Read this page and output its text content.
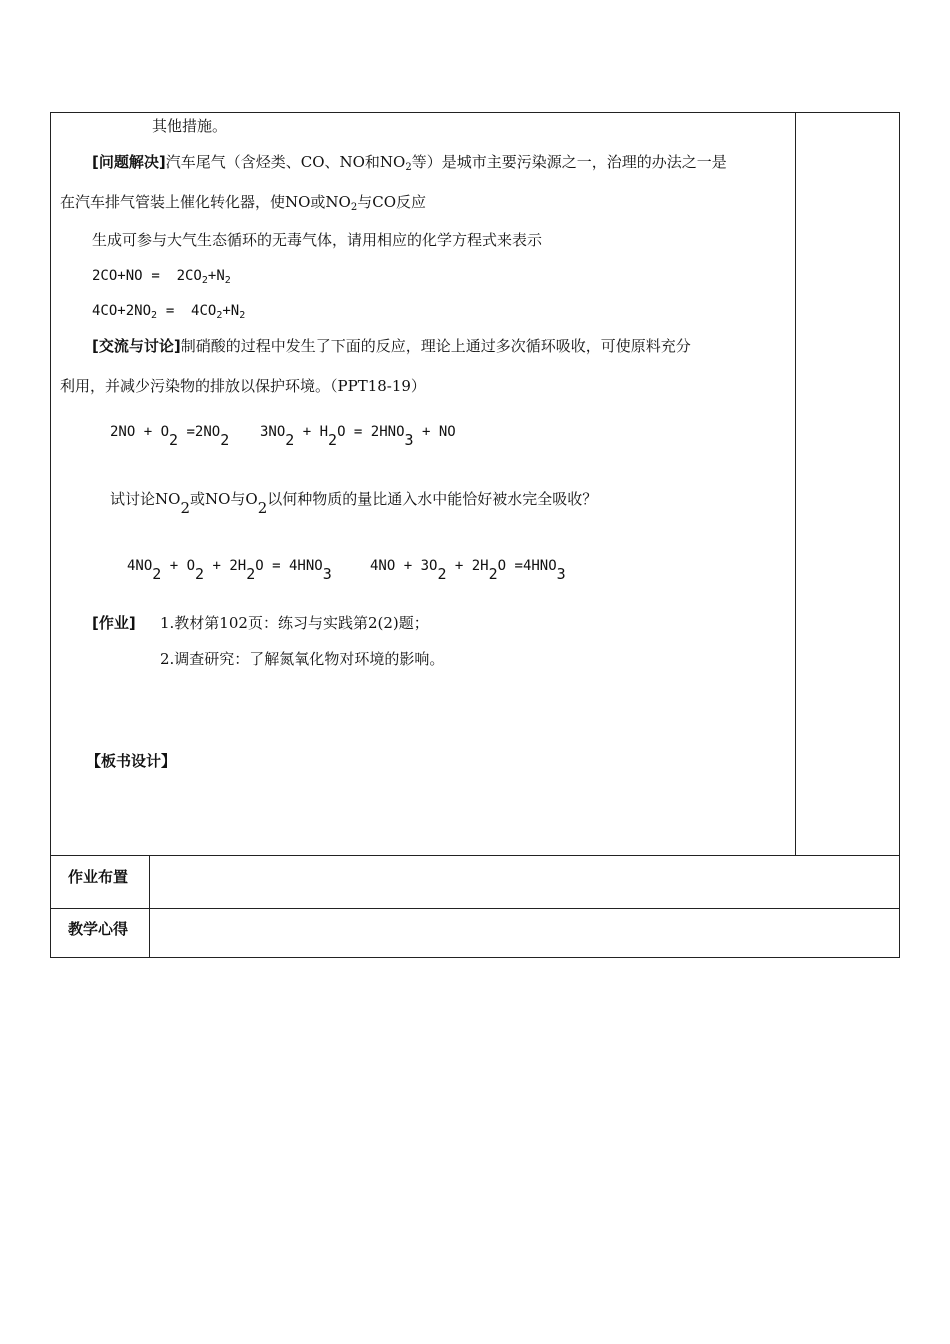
其他措施。
[问题解决]汽车尾气（含烃类、CO、NO和$NO_2$等）是城市主要污染源之一，治理的办法之一是
在汽车排气管装上催化转化器，使NO或$NO_2$与CO反应
生成可参与大气生态循环的无毒气体，请用相应的化学方程式来表示
$2CO+NO = 2CO_2+N_2$
$4CO+2NO_2 = 4CO_2+N_2$
[交流与讨论]制硝酸的过程中发生了下面的反应，理论上通过多次循环吸收，可使原料充分
利用，并减少污染物的排放以保护环境。（PPT18-19）
2NO + O2 =2NO2 3NO2 + H2O = 2HNO3 + NO
试讨论NO2或NO与O2以何种物质的量比通入水中能恰好被水完全吸收？
4NO2 + O2 + 2H2O = 4HNO3	4NO + 3O2 + 2H2O =4HNO3
[作业] 1.教材第102页：练习与实践第2(2)题；
2.调查研究：了解氮氧化物对环境的影响。
【板书设计】
作业布置
教学心得
